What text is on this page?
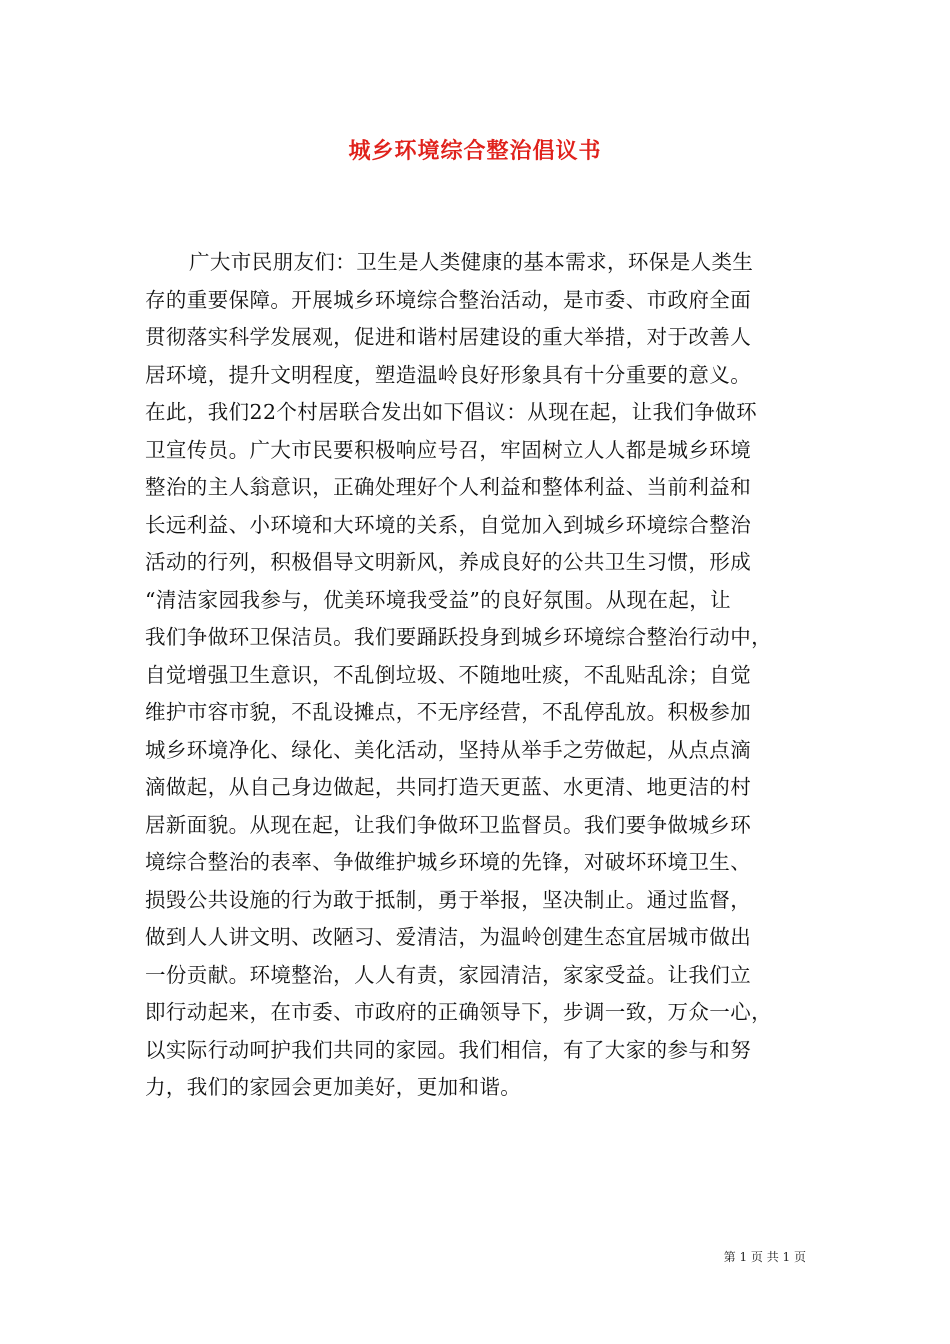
城乡环境综合整治倡议书
广大市民朋友们：卫生是人类健康的基本需求，环保是人类生
存的重要保障。开展城乡环境综合整治活动，是市委、市政府全面
贯彻落实科学发展观，促进和谐村居建设的重大举措，对于改善人
居环境，提升文明程度，塑造温岭良好形象具有十分重要的意义。
在此，我们22个村居联合发出如下倡议：从现在起，让我们争做环
卫宣传员。广大市民要积极响应号召，牢固树立人人都是城乡环境
整治的主人翁意识，正确处理好个人利益和整体利益、当前利益和
长远利益、小环境和大环境的关系，自觉加入到城乡环境综合整治
活动的行列，积极倡导文明新风，养成良好的公共卫生习惯，形成
“清洁家园我参与，优美环境我受益”的良好氛围。从现在起，让
我们争做环卫保洁员。我们要踊跃投身到城乡环境综合整治行动中，
自觉增强卫生意识，不乱倒垃圾、不随地吐痰，不乱贴乱涂；自觉
维护市容市貌，不乱设摊点，不无序经营，不乱停乱放。积极参加
城乡环境净化、绿化、美化活动，坚持从举手之劳做起，从点点滴
滴做起，从自己身边做起，共同打造天更蓝、水更清、地更洁的村
居新面貌。从现在起，让我们争做环卫监督员。我们要争做城乡环
境综合整治的表率、争做维护城乡环境的先锋，对破坏环境卫生、
损毁公共设施的行为敢于抵制，勇于举报，坚决制止。通过监督，
做到人人讲文明、改陋习、爱清洁，为温岭创建生态宜居城市做出
一份贡献。环境整治，人人有责，家园清洁，家家受益。让我们立
即行动起来，在市委、市政府的正确领导下，步调一致，万众一心，
以实际行动呵护我们共同的家园。我们相信，有了大家的参与和努
力，我们的家园会更加美好，更加和谐。
第 1 页 共 1 页
